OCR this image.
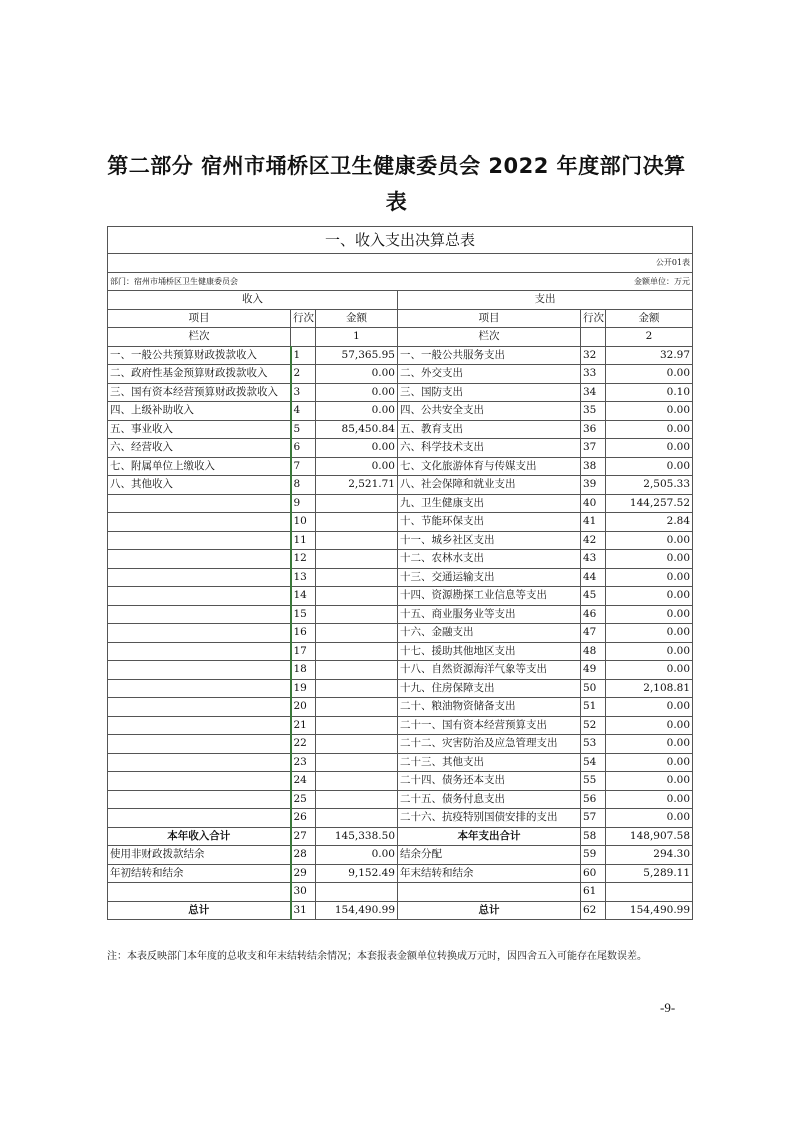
第二部分 宿州市埇桥区卫生健康委员会 2022 年度部门决算
表
一、收入支出决算总表					
公开01表					
部门：宿州市埇桥区卫生健康委员会			金额单位：万元		
收入			支出		
项目	行次	金额	项目	行次	金额
栏次		1	栏次		2
一、一般公共预算财政拨款收入	1	57,365.95	一、一般公共服务支出	32	32.97
二、政府性基金预算财政拨款收入	2	0.00	二、外交支出	33	0.00
三、国有资本经营预算财政拨款收入	3	0.00	三、国防支出	34	0.10
四、上级补助收入	4	0.00	四、公共安全支出	35	0.00
五、事业收入	5	85,450.84	五、教育支出	36	0.00
六、经营收入	6	0.00	六、科学技术支出	37	0.00
七、附属单位上缴收入	7	0.00	七、文化旅游体育与传媒支出	38	0.00
八、其他收入	8	2,521.71	八、社会保障和就业支出	39	2,505.33
	9		九、卫生健康支出	40	144,257.52
	10		十、节能环保支出	41	2.84
	11		十一、城乡社区支出	42	0.00
	12		十二、农林水支出	43	0.00
	13		十三、交通运输支出	44	0.00
	14		十四、资源勘探工业信息等支出	45	0.00
	15		十五、商业服务业等支出	46	0.00
	16		十六、金融支出	47	0.00
	17		十七、援助其他地区支出	48	0.00
	18		十八、自然资源海洋气象等支出	49	0.00
	19		十九、住房保障支出	50	2,108.81
	20		二十、粮油物资储备支出	51	0.00
	21		二十一、国有资本经营预算支出	52	0.00
	22		二十二、灾害防治及应急管理支出	53	0.00
	23		二十三、其他支出	54	0.00
	24		二十四、债务还本支出	55	0.00
	25		二十五、债务付息支出	56	0.00
	26		二十六、抗疫特别国债安排的支出	57	0.00
本年收入合计	27	145,338.50	本年支出合计	58	148,907.58
使用非财政拨款结余	28	0.00	结余分配	59	294.30
年初结转和结余	29	9,152.49	年末结转和结余	60	5,289.11
	30			61	
总计	31	154,490.99	总计	62	154,490.99
注：本表反映部门本年度的总收支和年末结转结余情况；本套报表金额单位转换成万元时，因四舍五入可能存在尾数误差。
-9-
